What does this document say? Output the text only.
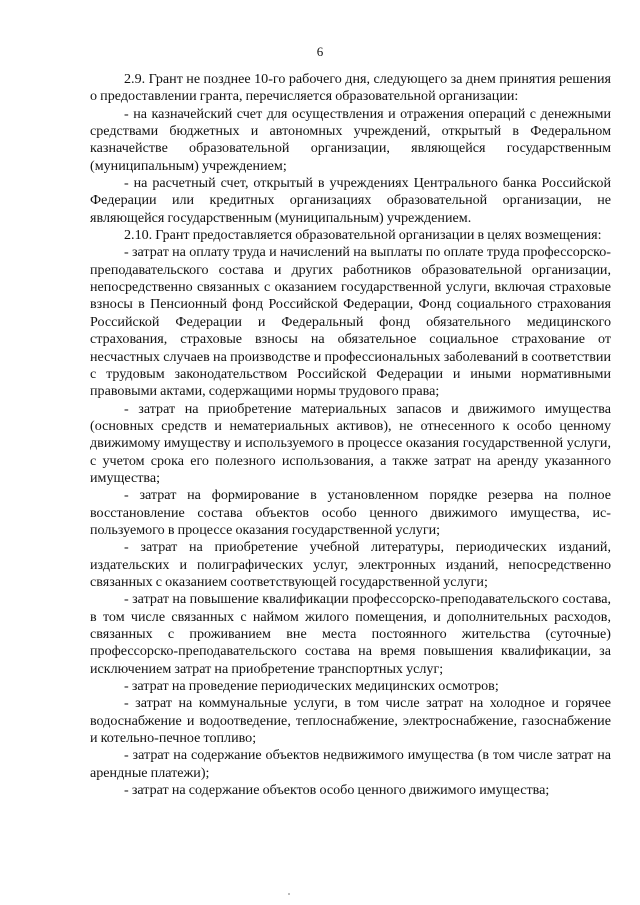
6

2.9. Грант не позднее 10-го рабочего дня, следующего за днем принятия решения о предоставлении гранта, перечисляется образовательной организации:

- на казначейский счет для осуществления и отражения операций с денежными средствами бюджетных и автономных учреждений, открытый в Федеральном казначействе образовательной организации, являющейся государственным (муниципальным) учреждением;

- на расчетный счет, открытый в учреждениях Центрального банка Российской Федерации или кредитных организациях образовательной организации, не являющейся государственным (муниципальным) учреждением.

2.10. Грант предоставляется образовательной организации в целях возмещения:

- затрат на оплату труда и начислений на выплаты по оплате труда профессорско-преподавательского состава и других работников образовательной организации, непосредственно связанных с оказанием государственной услуги, включая страховые взносы в Пенсионный фонд Российской Федерации, Фонд социального страхования Российской Федерации и Федеральный фонд обязательного медицинского страхования, страховые взносы на обязательное социальное страхование от несчастных случаев на производстве и профессиональных заболеваний в соответствии с трудовым законодательством Российской Федерации и иными нормативными правовыми актами, содержащими нормы трудового права;

- затрат на приобретение материальных запасов и движимого имущества (основных средств и нематериальных активов), не отнесенного к особо ценному движимому имуществу и используемого в процессе оказания государственной услуги, с учетом срока его полезного использования, а также затрат на аренду указанного имущества;

- затрат на формирование в установленном порядке резерва на полное восстановление состава объектов особо ценного движимого имущества, используемого в процессе оказания государственной услуги;

- затрат на приобретение учебной литературы, периодических изданий, издательских и полиграфических услуг, электронных изданий, непосредственно связанных с оказанием соответствующей государственной услуги;

- затрат на повышение квалификации профессорско-преподавательского состава, в том числе связанных с наймом жилого помещения, и дополнительных расходов, связанных с проживанием вне места постоянного жительства (суточные) профессорско-преподавательского состава на время повышения квалификации, за исключением затрат на приобретение транспортных услуг;

- затрат на проведение периодических медицинских осмотров;

- затрат на коммунальные услуги, в том числе затрат на холодное и горячее водоснабжение и водоотведение, теплоснабжение, электроснабжение, газоснабжение и котельно-печное топливо;

- затрат на содержание объектов недвижимого имущества (в том числе затрат на арендные платежи);

- затрат на содержание объектов особо ценного движимого имущества;
